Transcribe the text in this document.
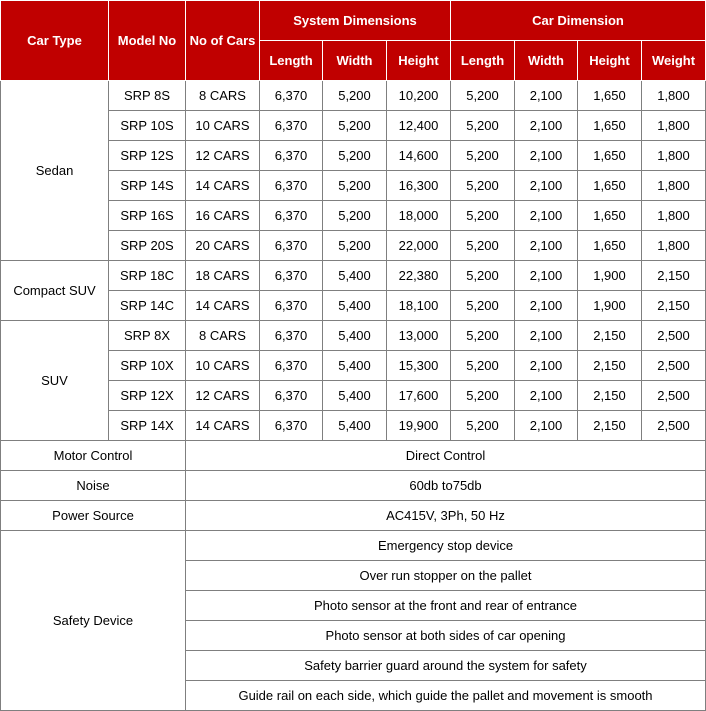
Car Type	Model No	No of Cars	System Dimensions			Car Dimension			
			Length	Width	Height	Length	Width	Height	Weight
Sedan	SRP 8S	8 CARS	6,370	5,200	10,200	5,200	2,100	1,650	1,800
	SRP 10S	10 CARS	6,370	5,200	12,400	5,200	2,100	1,650	1,800
	SRP 12S	12 CARS	6,370	5,200	14,600	5,200	2,100	1,650	1,800
	SRP 14S	14 CARS	6,370	5,200	16,300	5,200	2,100	1,650	1,800
	SRP 16S	16 CARS	6,370	5,200	18,000	5,200	2,100	1,650	1,800
	SRP 20S	20 CARS	6,370	5,200	22,000	5,200	2,100	1,650	1,800
Compact SUV	SRP 18C	18 CARS	6,370	5,400	22,380	5,200	2,100	1,900	2,150
	SRP 14C	14 CARS	6,370	5,400	18,100	5,200	2,100	1,900	2,150
SUV	SRP 8X	8 CARS	6,370	5,400	13,000	5,200	2,100	2,150	2,500
	SRP 10X	10 CARS	6,370	5,400	15,300	5,200	2,100	2,150	2,500
	SRP 12X	12 CARS	6,370	5,400	17,600	5,200	2,100	2,150	2,500
	SRP 14X	14 CARS	6,370	5,400	19,900	5,200	2,100	2,150	2,500
Motor Control		Direct Control							
Noise		60db to75db							
Power Source		AC415V, 3Ph, 50 Hz							
Safety Device		Emergency stop device							
		Over run stopper on the pallet							
		Photo sensor at the front and rear of entrance							
		Photo sensor at both sides of car opening							
		Safety barrier guard around the system for safety							
		Guide rail on each side, which guide the pallet and movement is smooth							
